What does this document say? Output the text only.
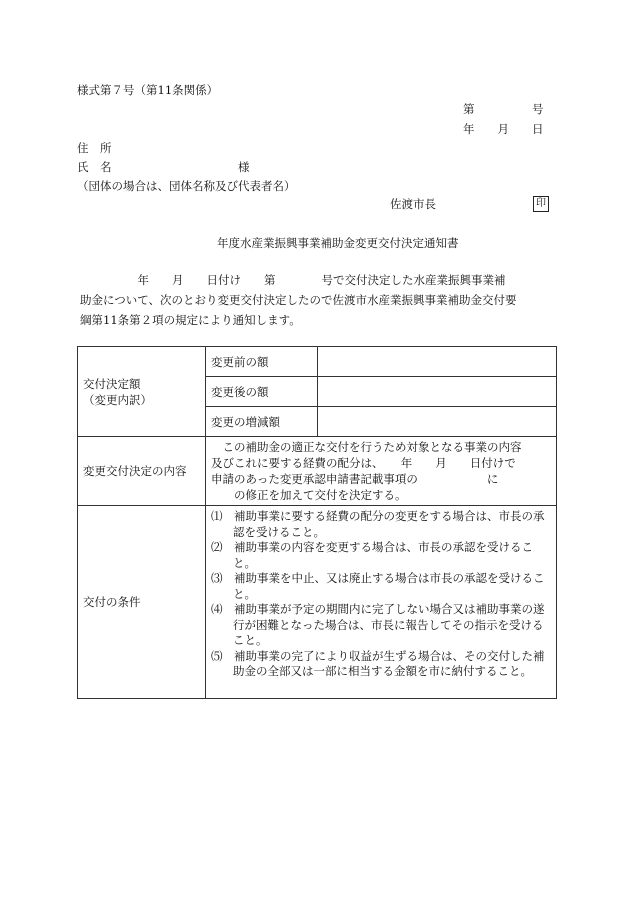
様式第７号（第11条関係）
第　　　　　号
年　　月　　日
住　所
氏　名	様
（団体の場合は、団体名称及び代表者名）
佐渡市長	印
年度水産業振興事業補助金変更交付決定通知書
　　　　　年　　月　　日付け　　第　　　　号で交付決定した水産業振興事業補
助金について、次のとおり変更交付決定したので佐渡市水産業振興事業補助金交付要
綱第11条第２項の規定により通知します。
交付決定額
（変更内訳）	変更前の額	
	変更後の額	
	変更の増減額	
変更交付決定の内容	　この補助金の適正な交付を行うため対象となる事業の内容
及びこれに要する経費の配分は、　　年　　月　　日付けで
申請のあった変更承認申請書記載事項の　　　　　　に
　　の修正を加えて交付を決定する。	

交付の条件	⑴　補助事業に要する経費の配分の変更をする場合は、市長の承認を受けること。
⑵　補助事業の内容を変更する場合は、市長の承認を受けること。
⑶　補助事業を中止、又は廃止する場合は市長の承認を受けること。
⑷　補助事業が予定の期間内に完了しない場合又は補助事業の遂行が困難となった場合は、市長に報告してその指示を受けること。
⑸　補助事業の完了により収益が生ずる場合は、その交付した補助金の全部又は一部に相当する金額を市に納付すること。	
